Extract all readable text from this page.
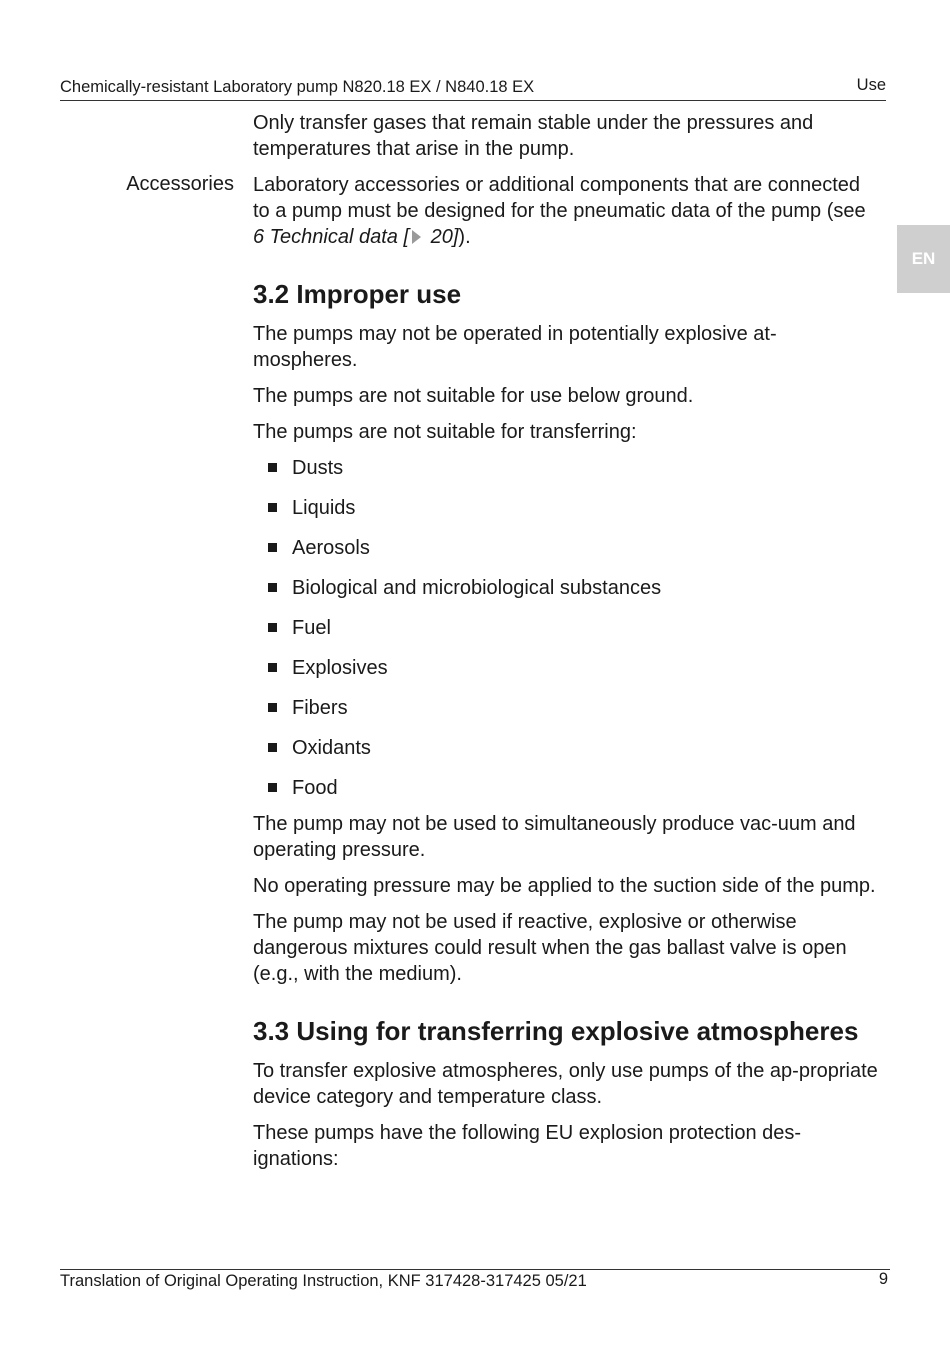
Chemically-resistant Laboratory pump N820.18 EX / N840.18 EX	Use
EN
Accessories

Only transfer gases that remain stable under the pressures and temperatures that arise in the pump.

Laboratory accessories or additional components that are connected to a pump must be designed for the pneumatic data of the pump (see 6 Technical data [ 20]).

3.2 Improper use

The pumps may not be operated in potentially explosive at-mospheres.

The pumps are not suitable for use below ground.

The pumps are not suitable for transferring:

Dusts
Liquids
Aerosols
Biological and microbiological substances
Fuel
Explosives
Fibers
Oxidants
Food

The pump may not be used to simultaneously produce vac-uum and operating pressure.

No operating pressure may be applied to the suction side of the pump.

The pump may not be used if reactive, explosive or otherwise dangerous mixtures could result when the gas ballast valve is open (e.g., with the medium).

3.3 Using for transferring explosive atmospheres

To transfer explosive atmospheres, only use pumps of the ap-propriate device category and temperature class.

These pumps have the following EU explosion protection des-ignations:

Translation of Original Operating Instruction, KNF 317428-317425 05/21	9
